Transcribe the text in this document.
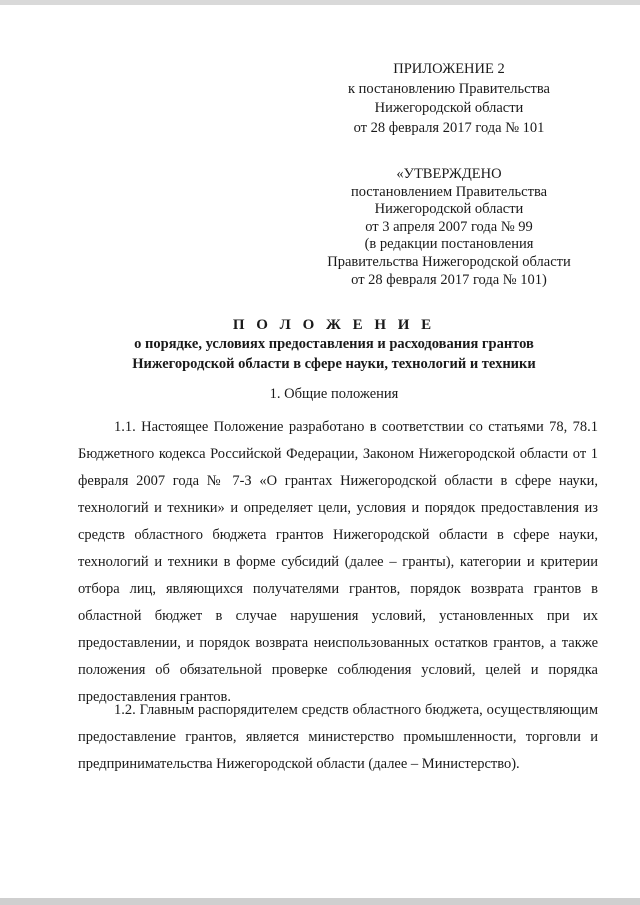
ПРИЛОЖЕНИЕ 2
к постановлению Правительства
Нижегородской области
от 28 февраля 2017 года № 101
«УТВЕРЖДЕНО
постановлением Правительства
Нижегородской области
от 3 апреля 2007 года № 99
(в редакции постановления
Правительства Нижегородской области
от 28 февраля 2017 года № 101)
П О Л О Ж Е Н И Е
о порядке, условиях предоставления и расходования грантов
Нижегородской области в сфере науки, технологий и техники
1. Общие положения
1.1. Настоящее Положение разработано в соответствии со статьями 78, 78.1 Бюджетного кодекса Российской Федерации, Законом Нижегородской области от 1 февраля 2007 года № 7-З «О грантах Нижегородской области в сфере науки, технологий и техники» и определяет цели, условия и порядок предоставления из средств областного бюджета грантов Нижегородской области в сфере науки, технологий и техники в форме субсидий (далее – гранты), категории и критерии отбора лиц, являющихся получателями грантов, порядок возврата грантов в областной бюджет в случае нарушения условий, установленных при их предоставлении, и порядок возврата неиспользованных остатков грантов, а также положения об обязательной проверке соблюдения условий, целей и порядка предоставления грантов.
1.2. Главным распорядителем средств областного бюджета, осуществляющим предоставление грантов, является министерство промышленности, торговли и предпринимательства Нижегородской области (далее – Министерство).
